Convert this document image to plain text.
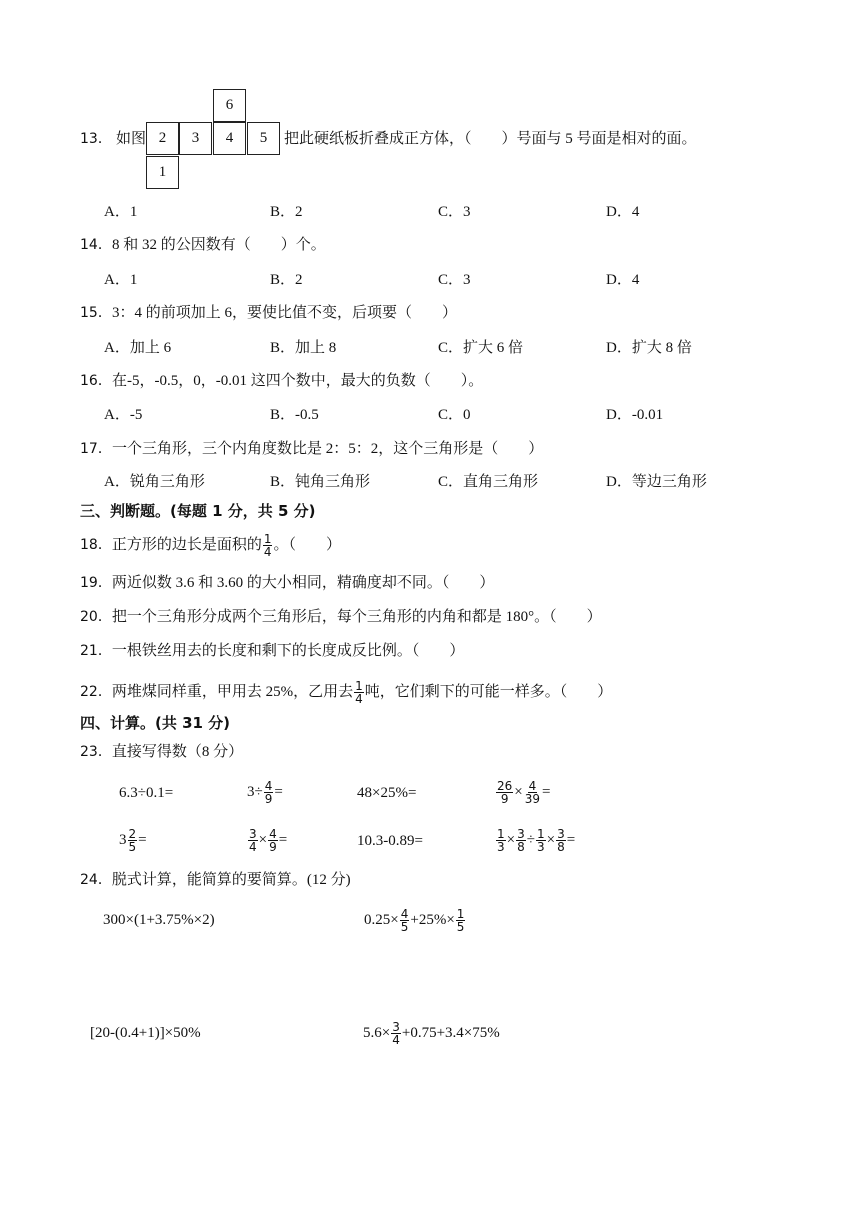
13． 如图
6
2	3	4	5
1
把此硬纸板折叠成正方体，（　　）号面与 5 号面是相对的面。
A．1	B．2	C．3	D．4
14． 8 和 32 的公因数有（　　）个。
A．1	B．2	C．3	D．4
15． 3：4 的前项加上 6，要使比值不变，后项要（　　）
A．加上 6	B．加上 8	C．扩大 6 倍	D．扩大 8 倍
16． 在-5，-0.5，0，-0.01 这四个数中，最大的负数（　　）。
A．-5	B．-0.5	C．0	D．-0.01
17． 一个三角形，三个内角度数比是 2：5：2，这个三角形是（　　）
A．锐角三角形	B．钝角三角形	C．直角三角形	D．等边三角形
三、判断题。(每题 1 分，共 5 分)
18．正方形的边长是面积的 $\frac{1}{4}$ 。（　　）
19．两近似数 3.6 和 3.60 的大小相同，精确度却不同。（　　）
20．把一个三角形分成两个三角形后，每个三角形的内角和都是 180°。（　　）
21．一根铁丝用去的长度和剩下的长度成反比例。（　　）
22．两堆煤同样重，甲用去 25%，乙用去 $\frac{1}{4}$ 吨，它们剩下的可能一样多。（　　）
四、计算。(共 31 分)
23．直接写得数（8 分）
6.3÷0.1=	$3\div \frac{4}{9}$ =	48×25%=	$\frac{26}{9} \times \frac{4}{39}$ =
$3 \frac{2}{5}$ =	$\frac{3}{4} \times \frac{4}{9}$ =	10.3-0.89=	$\frac{1}{3} \times \frac{3}{8} \div \frac{1}{3} \times \frac{3}{8}$ =
24．脱式计算，能简算的要简算。(12 分)
300×(1+3.75%×2)	$0.25\times \frac{4}{5} +25\%\times \frac{1}{5}$
[20-(0.4+1)]×50%	$5.6\times \frac{3}{4} +0.75+3.4\times 75\%$
